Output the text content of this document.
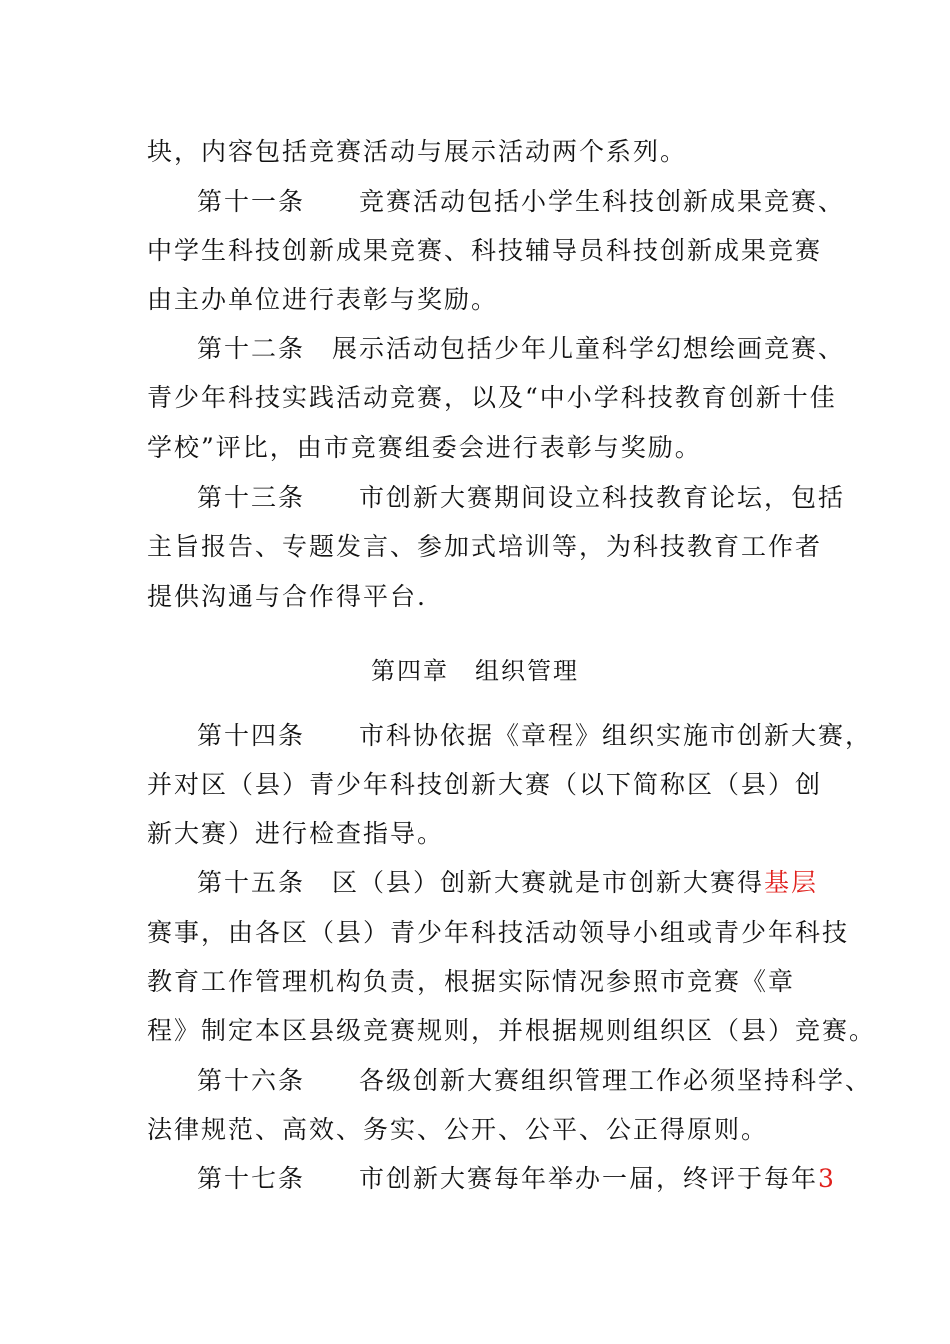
块，内容包括竞赛活动与展示活动两个系列。
第十一条　　竞赛活动包括小学生科技创新成果竞赛、
中学生科技创新成果竞赛、科技辅导员科技创新成果竞赛
由主办单位进行表彰与奖励。
第十二条　展示活动包括少年儿童科学幻想绘画竞赛、
青少年科技实践活动竞赛，以及“中小学科技教育创新十佳
学校”评比，由市竞赛组委会进行表彰与奖励。
第十三条　　市创新大赛期间设立科技教育论坛，包括
主旨报告、专题发言、参加式培训等，为科技教育工作者
提供沟通与合作得平台.
第四章　组织管理
第十四条　　市科协依据《章程》组织实施市创新大赛，
并对区（县）青少年科技创新大赛（以下简称区（县）创
新大赛）进行检查指导。
第十五条　区（县）创新大赛就是市创新大赛得基层
赛事，由各区（县）青少年科技活动领导小组或青少年科技
教育工作管理机构负责，根据实际情况参照市竞赛《章
程》制定本区县级竞赛规则，并根据规则组织区（县）竞赛。
第十六条　　各级创新大赛组织管理工作必须坚持科学、
法律规范、高效、务实、公开、公平、公正得原则。
第十七条　　市创新大赛每年举办一届，终评于每年3
